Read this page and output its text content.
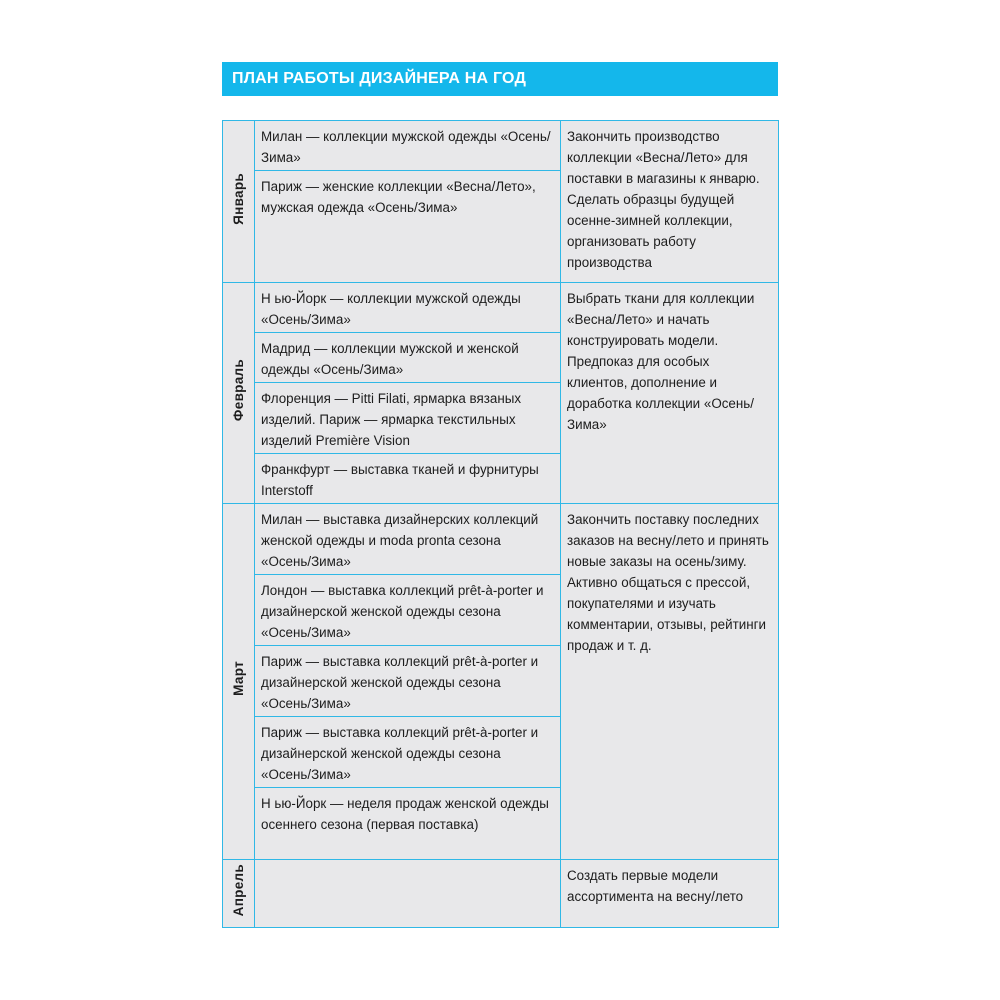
ПЛАН РАБОТЫ ДИЗАЙНЕРА НА ГОД
Январь	Милан — коллекции мужской одежды «Осень/Зима»	Закончить производство коллекции «Весна/Лето» для поставки в магазины к январю. Сделать образцы будущей осенне-зимней коллекции, организовать работу производства
	Париж — женские коллекции «Весна/Лето», мужская одежда «Осень/Зима»	
Февраль	Н ью-Йорк — коллекции мужской одежды «Осень/Зима»	Выбрать ткани для коллекции «Весна/Лето» и начать конструировать модели. Предпоказ для особых клиентов, дополнение и доработка коллекции «Осень/Зима»
	Мадрид — коллекции мужской и женской одежды «Осень/Зима»	
	Флоренция — Pitti Filati, ярмарка вязаных изделий. Париж — ярмарка текстильных изделий Première Vision	
	Франкфурт — выставка тканей и фурнитуры Interstoff	
Март	Милан — выставка дизайнерских коллекций женской одежды и moda pronta сезона «Осень/Зима»	Закончить поставку последних заказов на весну/лето и принять новые заказы на осень/зиму. Активно общаться с прессой, покупателями и изучать комментарии, отзывы, рейтинги продаж и т. д.
	Лондон — выставка коллекций prêt-à-porter и дизайнерской женской одежды сезона «Осень/Зима»	
	Париж — выставка коллекций prêt-à-porter и дизайнерской женской одежды сезона «Осень/Зима»	
	Париж — выставка коллекций prêt-à-porter и дизайнерской женской одежды сезона «Осень/Зима»	
	Н ью-Йорк — неделя продаж женской одежды осеннего сезона (первая поставка)	
Апрель		Создать первые модели ассортимента на весну/лето
